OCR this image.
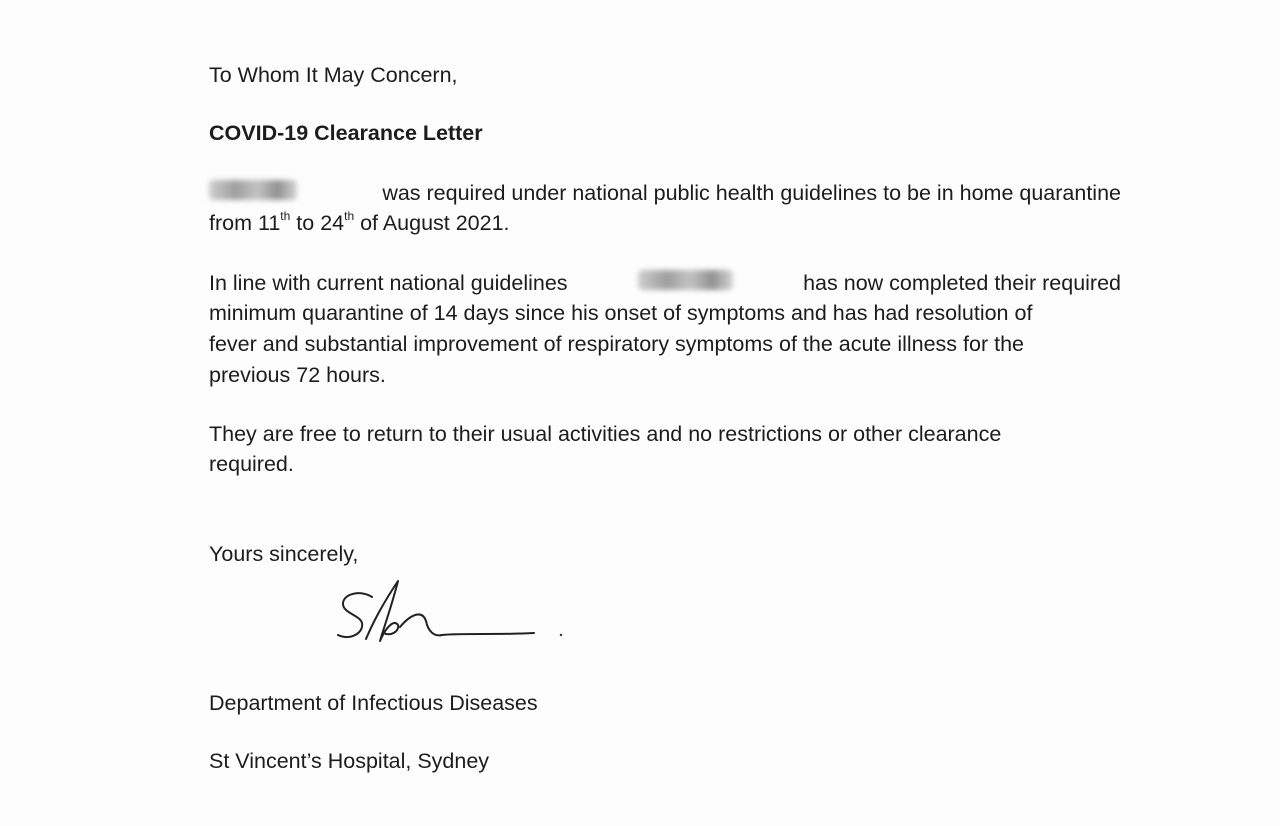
To Whom It May Concern,
COVID-19 Clearance Letter
was required under national public health guidelines to be in home quarantine
from 11th to 24th of August 2021.
In line with current national guidelines	has now completed their required
minimum quarantine of 14 days since his onset of symptoms and has had resolution of
fever and substantial improvement of respiratory symptoms of the acute illness for the
previous 72 hours.
They are free to return to their usual activities and no restrictions or other clearance
required.
Yours sincerely,
Department of Infectious Diseases
St Vincent’s Hospital, Sydney
